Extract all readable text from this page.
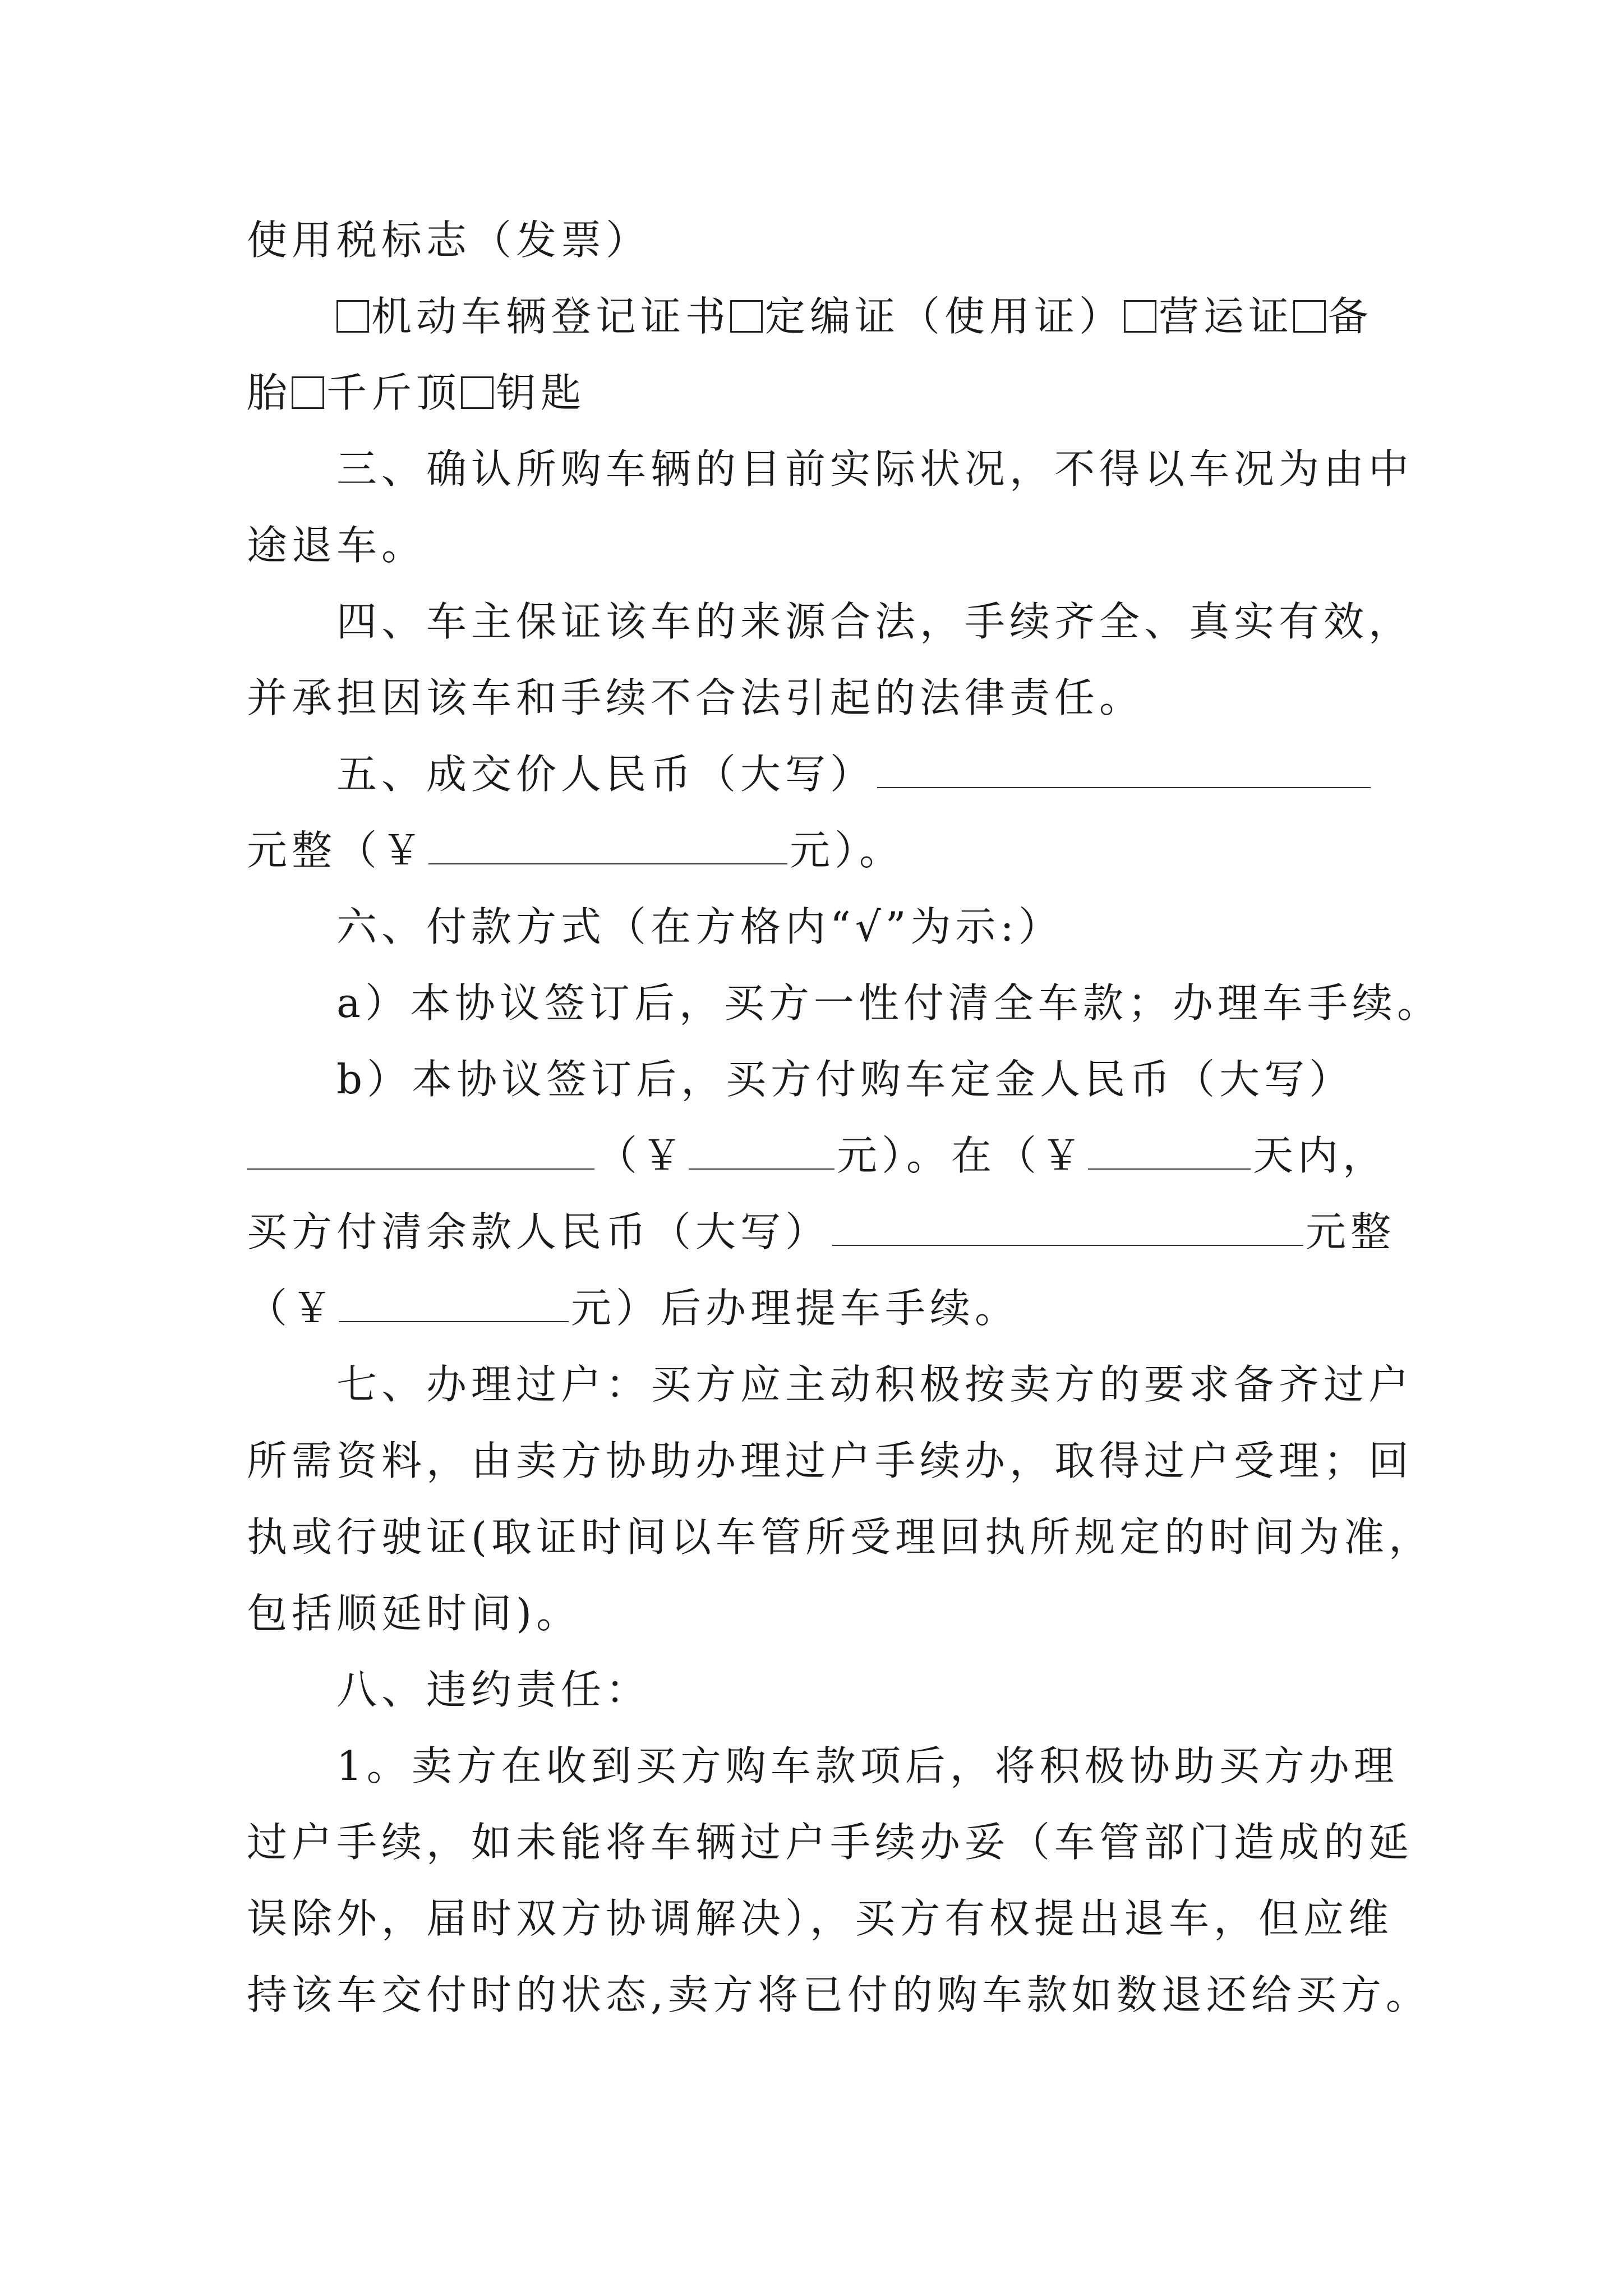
使用税标志（发票）

机动车辆登记证书 定编证（使用证） 营运证 备

胎 千斤顶 钥匙

三、确认所购车辆的目前实际状况，不得以车况为由中

途退车。

四、车主保证该车的来源合法，手续齐全、真实有效，

并承担因该车和手续不合法引起的法律责任。

五、成交价人民币（大写）

元整（￥	元）。

六、付款方式（在方格内“√”为示:）

a）本协议签订后，买方一性付清全车款；办理车手续。

b）本协议签订后，买方付购车定金人民币（大写）

（￥	元）。在（￥	天内，

买方付清余款人民币（大写）	元整

（￥	元）后办理提车手续。

七、办理过户：买方应主动积极按卖方的要求备齐过户

所需资料，由卖方协助办理过户手续办，取得过户受理；回

执或行驶证(取证时间以车管所受理回执所规定的时间为准，

包括顺延时间)。

八、违约责任：

1。卖方在收到买方购车款项后，将积极协助买方办理

过户手续，如未能将车辆过户手续办妥（车管部门造成的延

误除外，届时双方协调解决），买方有权提出退车，但应维

持该车交付时的状态,卖方将已付的购车款如数退还给买方。
